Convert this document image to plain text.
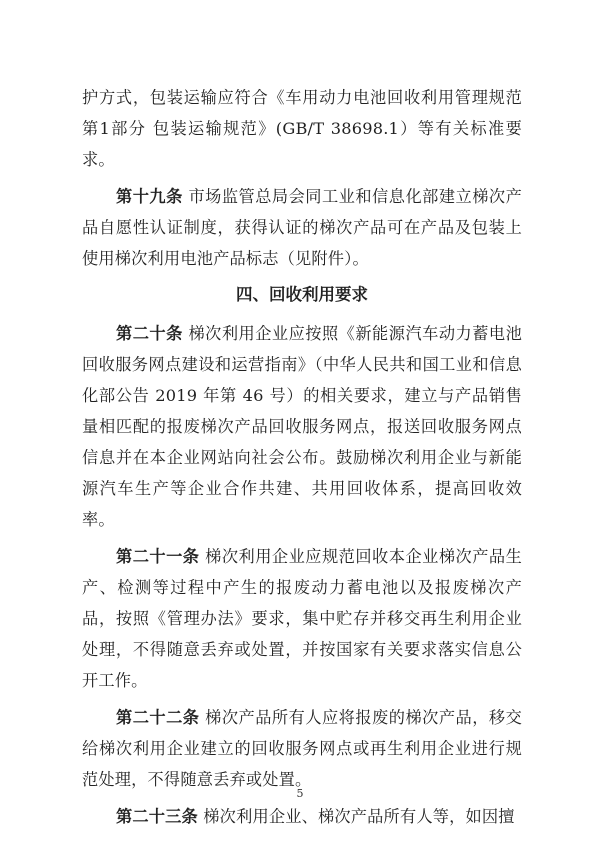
护方式，包装运输应符合《车用动力电池回收利用管理规范 第1部分 包装运输规范》(GB/T 38698.1）等有关标准要求。

第十九条 市场监管总局会同工业和信息化部建立梯次产品自愿性认证制度，获得认证的梯次产品可在产品及包装上使用梯次利用电池产品标志（见附件）。

四、回收利用要求

第二十条 梯次利用企业应按照《新能源汽车动力蓄电池回收服务网点建设和运营指南》（中华人民共和国工业和信息化部公告 2019 年第 46 号）的相关要求，建立与产品销售量相匹配的报废梯次产品回收服务网点，报送回收服务网点信息并在本企业网站向社会公布。鼓励梯次利用企业与新能源汽车生产等企业合作共建、共用回收体系，提高回收效率。

第二十一条 梯次利用企业应规范回收本企业梯次产品生产、检测等过程中产生的报废动力蓄电池以及报废梯次产品，按照《管理办法》要求，集中贮存并移交再生利用企业处理，不得随意丢弃或处置，并按国家有关要求落实信息公开工作。

第二十二条 梯次产品所有人应将报废的梯次产品，移交给梯次利用企业建立的回收服务网点或再生利用企业进行规范处理，不得随意丢弃或处置。

第二十三条 梯次利用企业、梯次产品所有人等，如因擅

5
